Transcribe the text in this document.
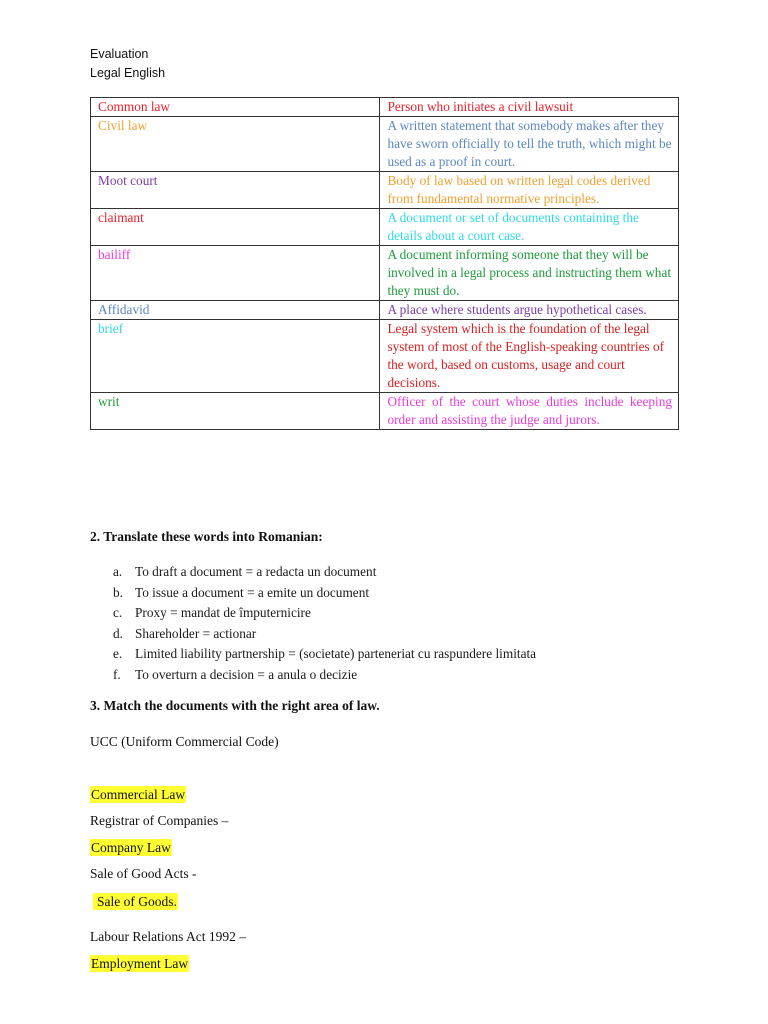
Evaluation
Legal English
Common law	Person who initiates a civil lawsuit
Civil law	A written statement that somebody makes after they have sworn officially to tell the truth, which might be used as a proof in court.
Moot court	Body of law based on written legal codes derived from fundamental normative principles.
claimant	A document or set of documents containing the details about a court case.
bailiff	A document informing someone that they will be involved in a legal process and instructing them what they must do.
Affidavid	A place where students argue hypothetical cases.
brief	Legal system which is the foundation of the legal system of most of the English-speaking countries of the word, based on customs, usage and court decisions.
writ	Officer of the court whose duties include keeping order and assisting the judge and jurors.
2. Translate these words into Romanian:
a. To draft a document = a redacta un document
b. To issue a document = a emite un document
c. Proxy = mandat de împuternicire
d. Shareholder = actionar
e. Limited liability partnership = (societate) parteneriat cu raspundere limitata
f. To overturn a decision = a anula o decizie
3. Match the documents with the right area of law.
UCC (Uniform Commercial Code)
Commercial Law
Registrar of Companies –
Company Law
Sale of Good Acts -
Sale of Goods.
Labour Relations Act 1992 –
Employment Law
